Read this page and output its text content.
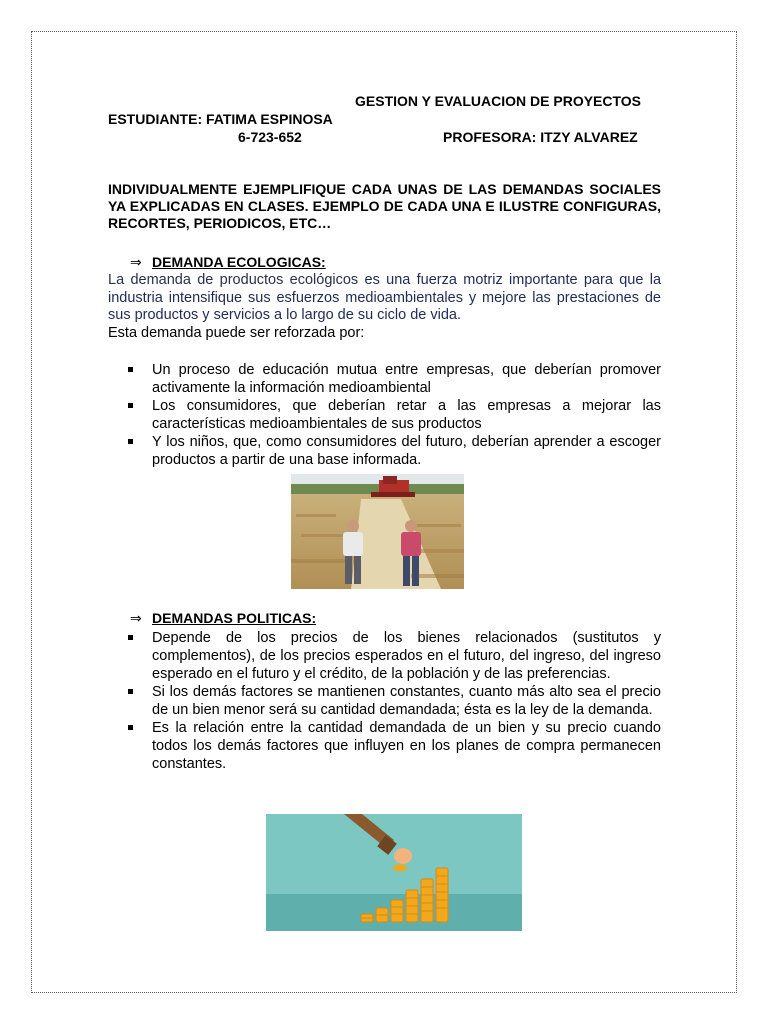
GESTION Y EVALUACION DE PROYECTOS
ESTUDIANTE: FATIMA ESPINOSA
6-723-652	PROFESORA: ITZY ALVAREZ
INDIVIDUALMENTE EJEMPLIFIQUE CADA UNAS DE LAS DEMANDAS SOCIALES YA EXPLICADAS EN CLASES. EJEMPLO DE CADA UNA E ILUSTRE CONFIGURAS, RECORTES, PERIODICOS, ETC…
⇒ DEMANDA ECOLOGICAS:
La demanda de productos ecológicos es una fuerza motriz importante para que la industria intensifique sus esfuerzos medioambientales y mejore las prestaciones de sus productos y servicios a lo largo de su ciclo de vida.
Esta demanda puede ser reforzada por:
Un proceso de educación mutua entre empresas, que deberían promover activamente la información medioambiental
Los consumidores, que deberían retar a las empresas a mejorar las características medioambientales de sus productos
Y los niños, que, como consumidores del futuro, deberían aprender a escoger productos a partir de una base informada.
⇒ DEMANDAS POLITICAS:
Depende de los precios de los bienes relacionados (sustitutos y complementos), de los precios esperados en el futuro, del ingreso, del ingreso esperado en el futuro y el crédito, de la población y de las preferencias.
Si los demás factores se mantienen constantes, cuanto más alto sea el precio de un bien menor será su cantidad demandada; ésta es la ley de la demanda.
Es la relación entre la cantidad demandada de un bien y su precio cuando todos los demás factores que influyen en los planes de compra permanecen constantes.
